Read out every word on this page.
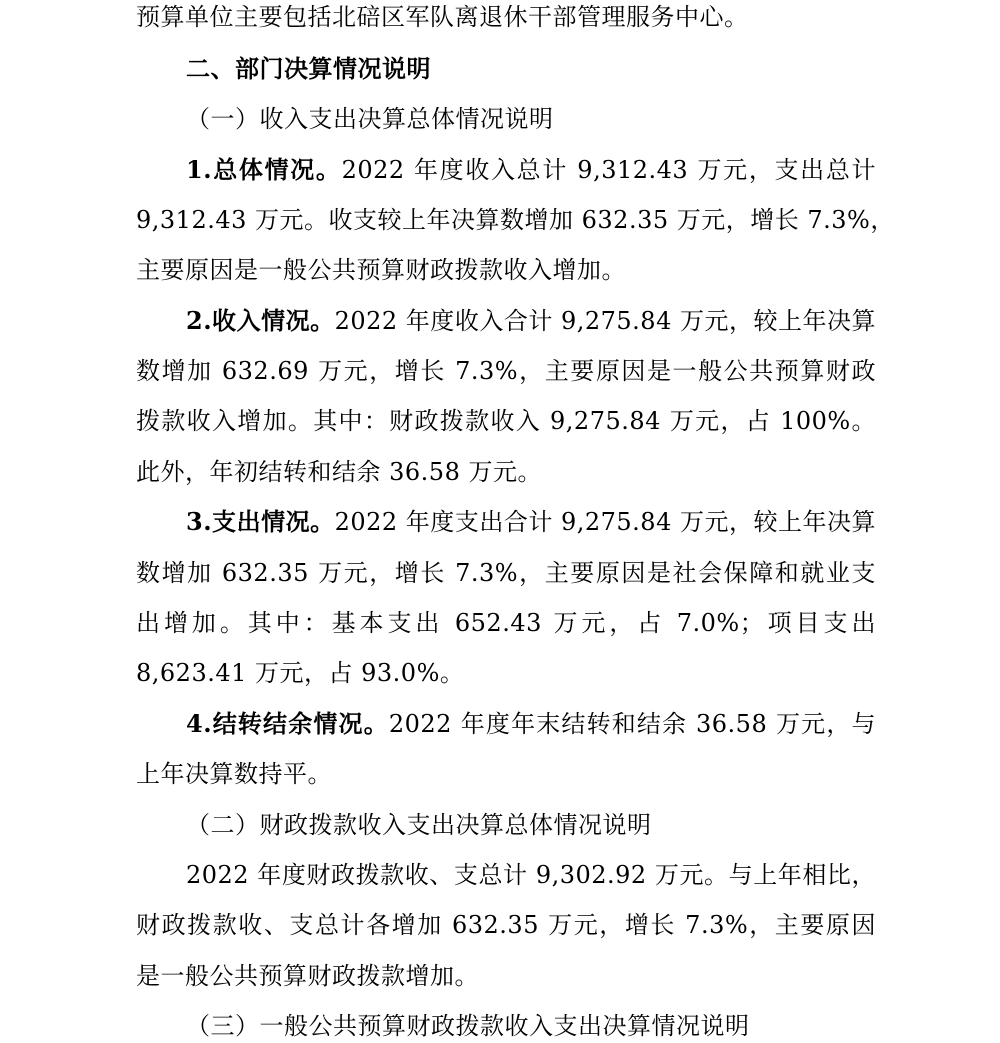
预算单位主要包括北碚区军队离退休干部管理服务中心。
二、部门决算情况说明
（一）收入支出决算总体情况说明
1.总体情况。2022 年度收入总计 9,312.43 万元，支出总计
9,312.43 万元。收支较上年决算数增加 632.35 万元，增长 7.3%，
主要原因是一般公共预算财政拨款收入增加。
2.收入情况。2022 年度收入合计 9,275.84 万元，较上年决算
数增加 632.69 万元，增长 7.3%，主要原因是一般公共预算财政
拨款收入增加。其中：财政拨款收入 9,275.84 万元，占 100%。
此外，年初结转和结余 36.58 万元。
3.支出情况。2022 年度支出合计 9,275.84 万元，较上年决算
数增加 632.35 万元，增长 7.3%，主要原因是社会保障和就业支
出增加。其中：基本支出 652.43 万元，占 7.0%；项目支出
8,623.41 万元，占 93.0%。
4.结转结余情况。2022 年度年末结转和结余 36.58 万元，与
上年决算数持平。
（二）财政拨款收入支出决算总体情况说明
2022 年度财政拨款收、支总计 9,302.92 万元。与上年相比，
财政拨款收、支总计各增加 632.35 万元，增长 7.3%，主要原因
是一般公共预算财政拨款增加。
（三）一般公共预算财政拨款收入支出决算情况说明
